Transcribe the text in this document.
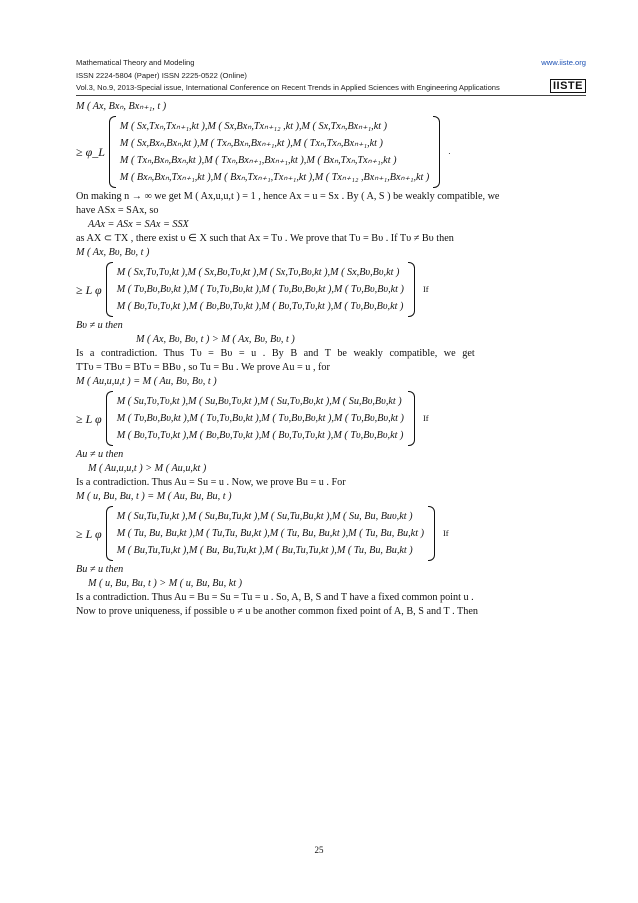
Mathematical Theory and Modeling	www.iiste.org
ISSN 2224-5804 (Paper) ISSN 2225-0522 (Online)
Vol.3, No.9, 2013-Special issue, International Conference on Recent Trends in Applied Sciences with Engineering Applications	IISTE
M ( Ax, Bxₙ, Bxₙ₊₁, t )
≥ φ_L
M ( Sx,Txₙ,Txₙ₊₁,kt ),M ( Sx,Bxₙ,Txₙ₊₁₂ ,kt ),M ( Sx,Txₙ,Bxₙ₊₁,kt )
M ( Sx,Bxₙ,Bxₙ,kt ),M ( Txₙ,Bxₙ,Bxₙ₊₁,kt ),M ( Txₙ,Txₙ,Bxₙ₊₁,kt )
M ( Txₙ,Bxₙ,Bxₙ,kt ),M ( Txₙ,Bxₙ₊₁,Bxₙ₊₁,kt ),M ( Bxₙ,Txₙ,Txₙ₊₁,kt )
M ( Bxₙ,Bxₙ,Txₙ₊₁,kt ),M ( Bxₙ,Txₙ₊₁,Txₙ₊₁,kt ),M ( Txₙ₊₁₂ ,Bxₙ₊₁,Bxₙ₊₁,kt )
.
On making n → ∞ we get M ( Ax,u,u,t ) = 1 , hence Ax = u = Sx . By ( A, S ) be weakly compatible, we
have ASx = SAx, so
AAx = ASx = SAx = SSX
as AX ⊂ TX , there exist υ ∈ X such that Ax = Tυ . We prove that Tυ = Bυ . If Tυ ≠ Bυ then
M ( Ax, Bυ, Bυ, t )
≥ L φ
M ( Sx,Tυ,Tυ,kt ),M ( Sx,Bυ,Tυ,kt ),M ( Sx,Tυ,Bυ,kt ),M ( Sx,Bυ,Bυ,kt )
M ( Tυ,Bυ,Bυ,kt ),M ( Tυ,Tυ,Bυ,kt ),M ( Tυ,Bυ,Bυ,kt ),M ( Tυ,Bυ,Bυ,kt )
M ( Bυ,Tυ,Tυ,kt ),M ( Bυ,Bυ,Tυ,kt ),M ( Bυ,Tυ,Tυ,kt ),M ( Tυ,Bυ,Bυ,kt )
If
Bυ ≠ u then
M ( Ax, Bυ, Bυ, t ) > M ( Ax, Bυ, Bυ, t )
Is a contradiction. Thus Tυ = Bυ = u . By B and T be weakly compatible, we get
TTυ = TBυ = BTυ = BBυ , so Tu = Bu . We prove Au = u , for
M ( Au,u,u,t ) = M ( Au, Bυ, Bυ, t )
≥ L φ
M ( Su,Tυ,Tυ,kt ),M ( Su,Bυ,Tυ,kt ),M ( Su,Tυ,Bυ,kt ),M ( Su,Bυ,Bυ,kt )
M ( Tυ,Bυ,Bυ,kt ),M ( Tυ,Tυ,Bυ,kt ),M ( Tυ,Bυ,Bυ,kt ),M ( Tυ,Bυ,Bυ,kt )
M ( Bυ,Tυ,Tυ,kt ),M ( Bυ,Bυ,Tυ,kt ),M ( Bυ,Tυ,Tυ,kt ),M ( Tυ,Bυ,Bυ,kt )
If
Au ≠ u then
M ( Au,u,u,t ) > M ( Au,u,kt )
Is a contradiction. Thus Au = Su = u . Now, we prove Bu = u . For
M ( u, Bu, Bu, t ) = M ( Au, Bu, Bu, t )
≥ L φ
M ( Su,Tu,Tu,kt ),M ( Su,Bu,Tu,kt ),M ( Su,Tu,Bu,kt ),M ( Su, Bu, Buυ,kt )
M ( Tu, Bu, Bu,kt ),M ( Tu,Tu, Bu,kt ),M ( Tu, Bu, Bu,kt ),M ( Tu, Bu, Bu,kt )
M ( Bu,Tu,Tu,kt ),M ( Bu, Bu,Tu,kt ),M ( Bu,Tu,Tu,kt ),M ( Tu, Bu, Bu,kt )
If
Bu ≠ u then
M ( u, Bu, Bu, t ) > M ( u, Bu, Bu, kt )
Is a contradiction. Thus Au = Bu = Su = Tu = u . So, A, B, S and T have a fixed common point u .
Now to prove uniqueness, if possible υ ≠ u be another common fixed point of A, B, S and T . Then
25
